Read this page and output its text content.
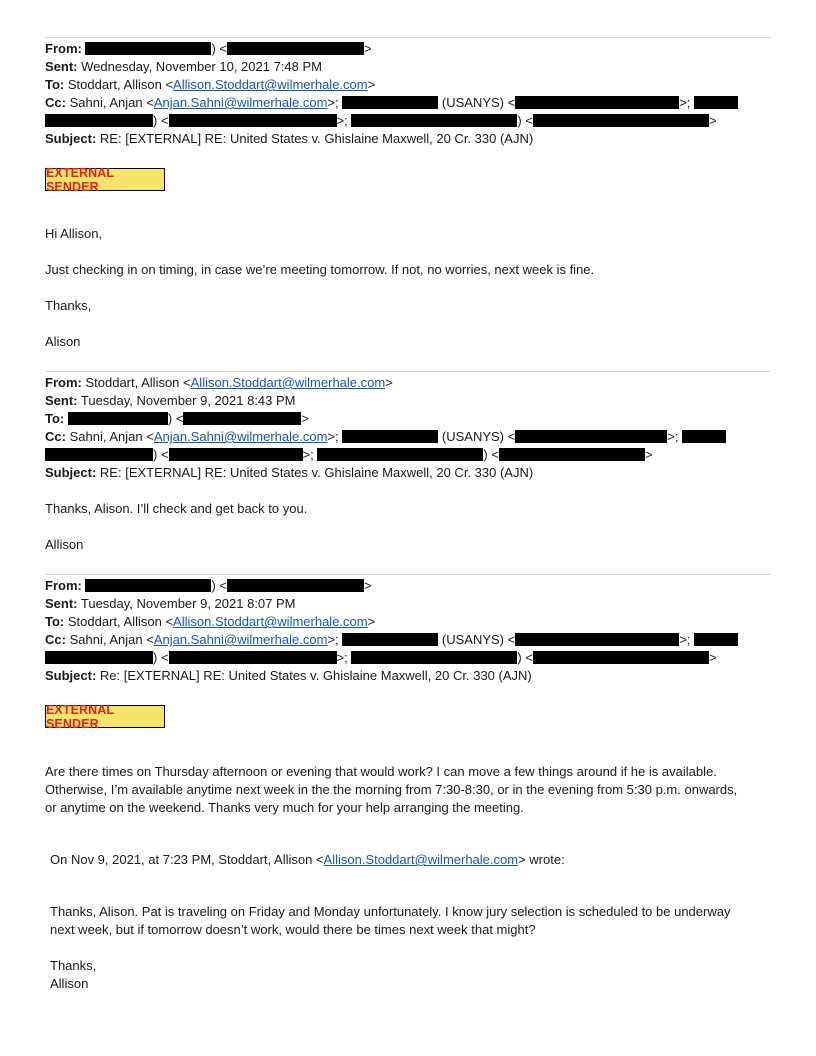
From:	) <	>
Sent: Wednesday, November 10, 2021 7:48 PM
To: Stoddart, Allison <Allison.Stoddart@wilmerhale.com>
Cc: Sahni, Anjan <Anjan.Sahni@wilmerhale.com>;	(USANYS) <	>;
) <	>;	) <	>
Subject: RE: [EXTERNAL] RE: United States v. Ghislaine Maxwell, 20 Cr. 330 (AJN)
EXTERNAL SENDER
Hi Allison,
Just checking in on timing, in case we’re meeting tomorrow. If not, no worries, next week is fine.
Thanks,
Alison
From: Stoddart, Allison <Allison.Stoddart@wilmerhale.com>
Sent: Tuesday, November 9, 2021 8:43 PM
To:	) <	>
Cc: Sahni, Anjan <Anjan.Sahni@wilmerhale.com>;	(USANYS) <	>;
) <	>;	) <	>
Subject: RE: [EXTERNAL] RE: United States v. Ghislaine Maxwell, 20 Cr. 330 (AJN)
Thanks, Alison. I’ll check and get back to you.
Allison
From:	) <	>
Sent: Tuesday, November 9, 2021 8:07 PM
To: Stoddart, Allison <Allison.Stoddart@wilmerhale.com>
Cc: Sahni, Anjan <Anjan.Sahni@wilmerhale.com>;	(USANYS) <	>;
) <	>;	) <	>
Subject: Re: [EXTERNAL] RE: United States v. Ghislaine Maxwell, 20 Cr. 330 (AJN)
EXTERNAL SENDER
Are there times on Thursday afternoon or evening that would work? I can move a few things around if he is available.
Otherwise, I’m available anytime next week in the the morning from 7:30-8:30, or in the evening from 5:30 p.m. onwards,
or anytime on the weekend. Thanks very much for your help arranging the meeting.
On Nov 9, 2021, at 7:23 PM, Stoddart, Allison <Allison.Stoddart@wilmerhale.com> wrote:
Thanks, Alison. Pat is traveling on Friday and Monday unfortunately. I know jury selection is scheduled to be underway
next week, but if tomorrow doesn’t work, would there be times next week that might?
Thanks,
Allison
